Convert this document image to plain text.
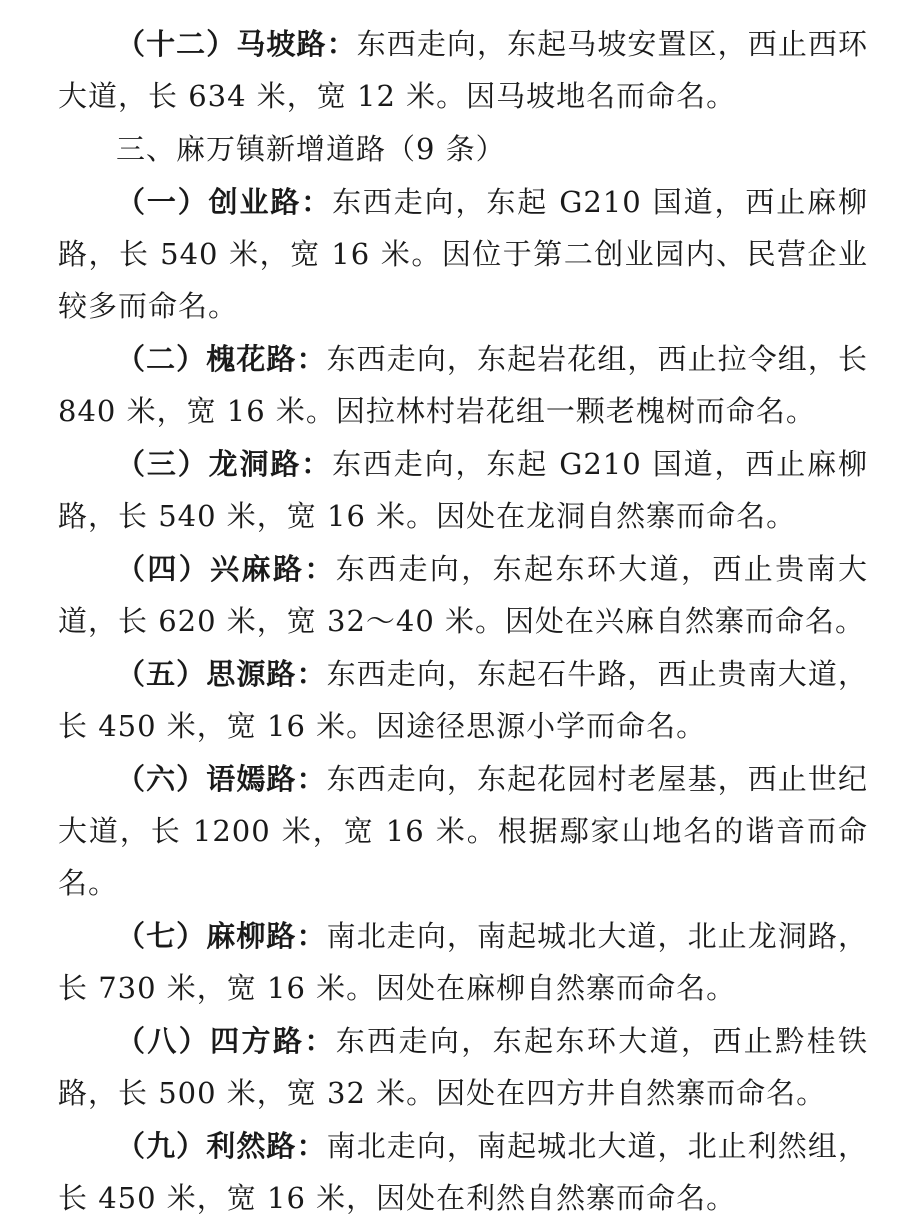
（十二）马坡路：东西走向，东起马坡安置区，西止西环大道，长 634 米，宽 12 米。因马坡地名而命名。

三、麻万镇新增道路（9 条）

（一）创业路：东西走向，东起 G210 国道，西止麻柳路，长 540 米，宽 16 米。因位于第二创业园内、民营企业较多而命名。

（二）槐花路：东西走向，东起岩花组，西止拉令组，长 840 米，宽 16 米。因拉林村岩花组一颗老槐树而命名。

（三）龙洞路：东西走向，东起 G210 国道，西止麻柳路，长 540 米，宽 16 米。因处在龙洞自然寨而命名。

（四）兴麻路：东西走向，东起东环大道，西止贵南大道，长 620 米，宽 32～40 米。因处在兴麻自然寨而命名。

（五）思源路：东西走向，东起石牛路，西止贵南大道，长 450 米，宽 16 米。因途径思源小学而命名。

（六）语嫣路：东西走向，东起花园村老屋基，西止世纪大道，长 1200 米，宽 16 米。根据鄢家山地名的谐音而命名。

（七）麻柳路：南北走向，南起城北大道，北止龙洞路，长 730 米，宽 16 米。因处在麻柳自然寨而命名。

（八）四方路：东西走向，东起东环大道，西止黔桂铁路，长 500 米，宽 32 米。因处在四方井自然寨而命名。

（九）利然路：南北走向，南起城北大道，北止利然组，长 450 米，宽 16 米，因处在利然自然寨而命名。
